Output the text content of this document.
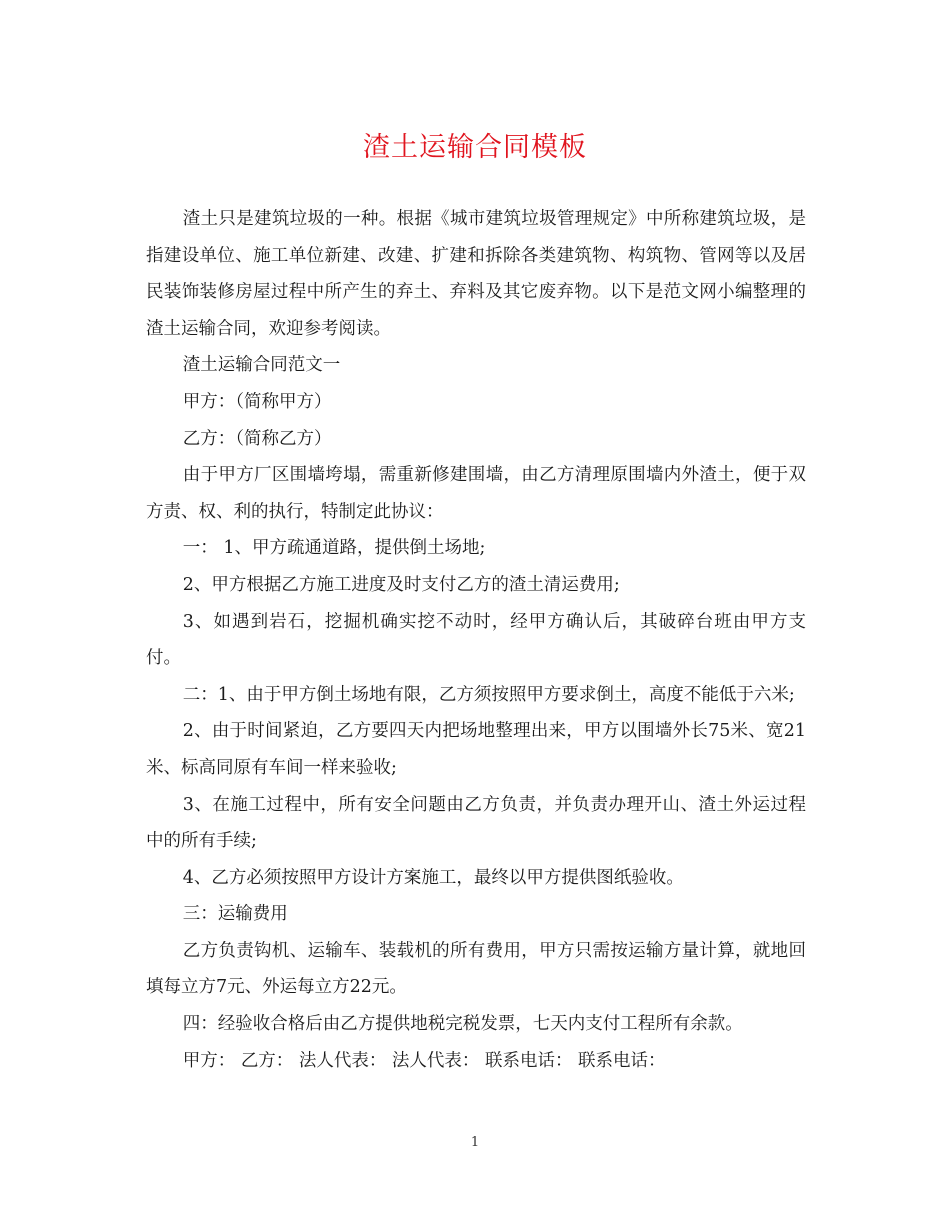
渣土运输合同模板

渣土只是建筑垃圾的一种。根据《城市建筑垃圾管理规定》中所称建筑垃圾，是指建设单位、施工单位新建、改建、扩建和拆除各类建筑物、构筑物、管网等以及居民装饰装修房屋过程中所产生的弃土、弃料及其它废弃物。以下是范文网小编整理的渣土运输合同，欢迎参考阅读。

渣土运输合同范文一

甲方：（简称甲方）

乙方：（简称乙方）

由于甲方厂区围墙垮塌，需重新修建围墙，由乙方清理原围墙内外渣土，便于双方责、权、利的执行，特制定此协议：

一： 1、甲方疏通道路，提供倒土场地;

2、甲方根据乙方施工进度及时支付乙方的渣土清运费用;

3、如遇到岩石，挖掘机确实挖不动时，经甲方确认后，其破碎台班由甲方支付。

二：1、由于甲方倒土场地有限，乙方须按照甲方要求倒土，高度不能低于六米;

2、由于时间紧迫，乙方要四天内把场地整理出来，甲方以围墙外长75米、宽21米、标高同原有车间一样来验收;

3、在施工过程中，所有安全问题由乙方负责，并负责办理开山、渣土外运过程中的所有手续;

4、乙方必须按照甲方设计方案施工，最终以甲方提供图纸验收。

三：运输费用

乙方负责钩机、运输车、装载机的所有费用，甲方只需按运输方量计算，就地回填每立方7元、外运每立方22元。

四：经验收合格后由乙方提供地税完税发票，七天内支付工程所有余款。

甲方： 乙方： 法人代表： 法人代表： 联系电话： 联系电话：

1
